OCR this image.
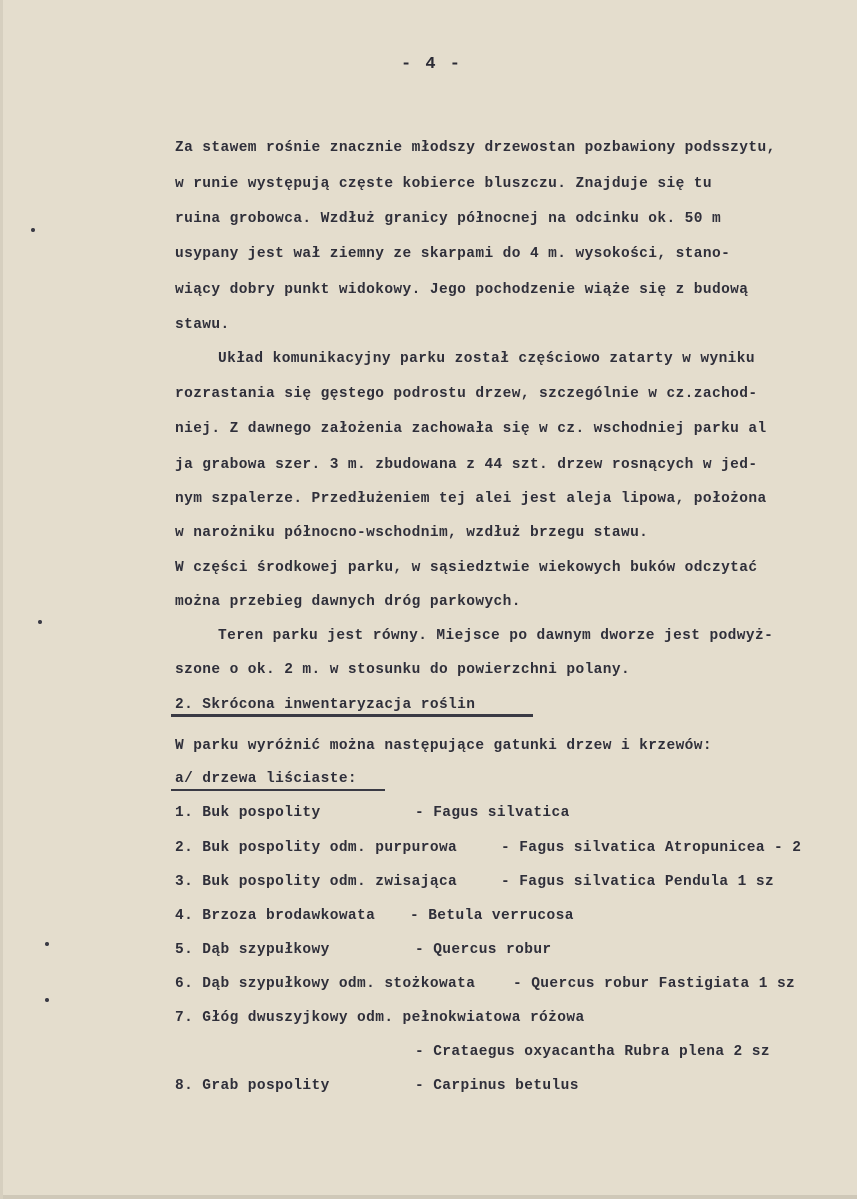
- 4 -
Za stawem rośnie znacznie młodszy drzewostan pozbawiony podsszytu,
w runie występują częste kobierce bluszczu. Znajduje się tu
ruina grobowca. Wzdłuż granicy północnej na odcinku ok. 50 m
usypany jest wał ziemny ze skarpami do 4 m. wysokości, stano-
wiący dobry punkt widokowy. Jego pochodzenie wiąże się z budową
stawu.
Układ komunikacyjny parku został częściowo zatarty w wyniku
rozrastania się gęstego podrostu drzew, szczególnie w cz.zachod-
niej. Z dawnego założenia zachowała się w cz. wschodniej parku al
ja grabowa szer. 3 m. zbudowana z 44 szt. drzew rosnących w jed-
nym szpalerze. Przedłużeniem tej alei jest aleja lipowa, położona
w narożniku północno-wschodnim, wzdłuż brzegu stawu.
W części środkowej parku, w sąsiedztwie wiekowych buków odczytać
można przebieg dawnych dróg parkowych.
Teren parku jest równy. Miejsce po dawnym dworze jest podwyż-
szone o ok. 2 m. w stosunku do powierzchni polany.
2. Skrócona inwentaryzacja roślin
W parku wyróżnić można następujące gatunki drzew i krzewów:
a/ drzewa liściaste:
1. Buk pospolity	- Fagus silvatica
2. Buk pospolity odm. purpurowa	- Fagus silvatica Atropunicea - 2
3. Buk pospolity odm. zwisająca	- Fagus silvatica Pendula 1 sz
4. Brzoza brodawkowata - Betula verrucosa
5. Dąb szypułkowy	- Quercus robur
6. Dąb szypułkowy odm. stożkowata	- Quercus robur Fastigiata 1 sz
7. Głóg dwuszyjkowy odm. pełnokwiatowa różowa
- Crataegus oxyacantha Rubra plena 2 sz
8. Grab pospolity	- Carpinus betulus
